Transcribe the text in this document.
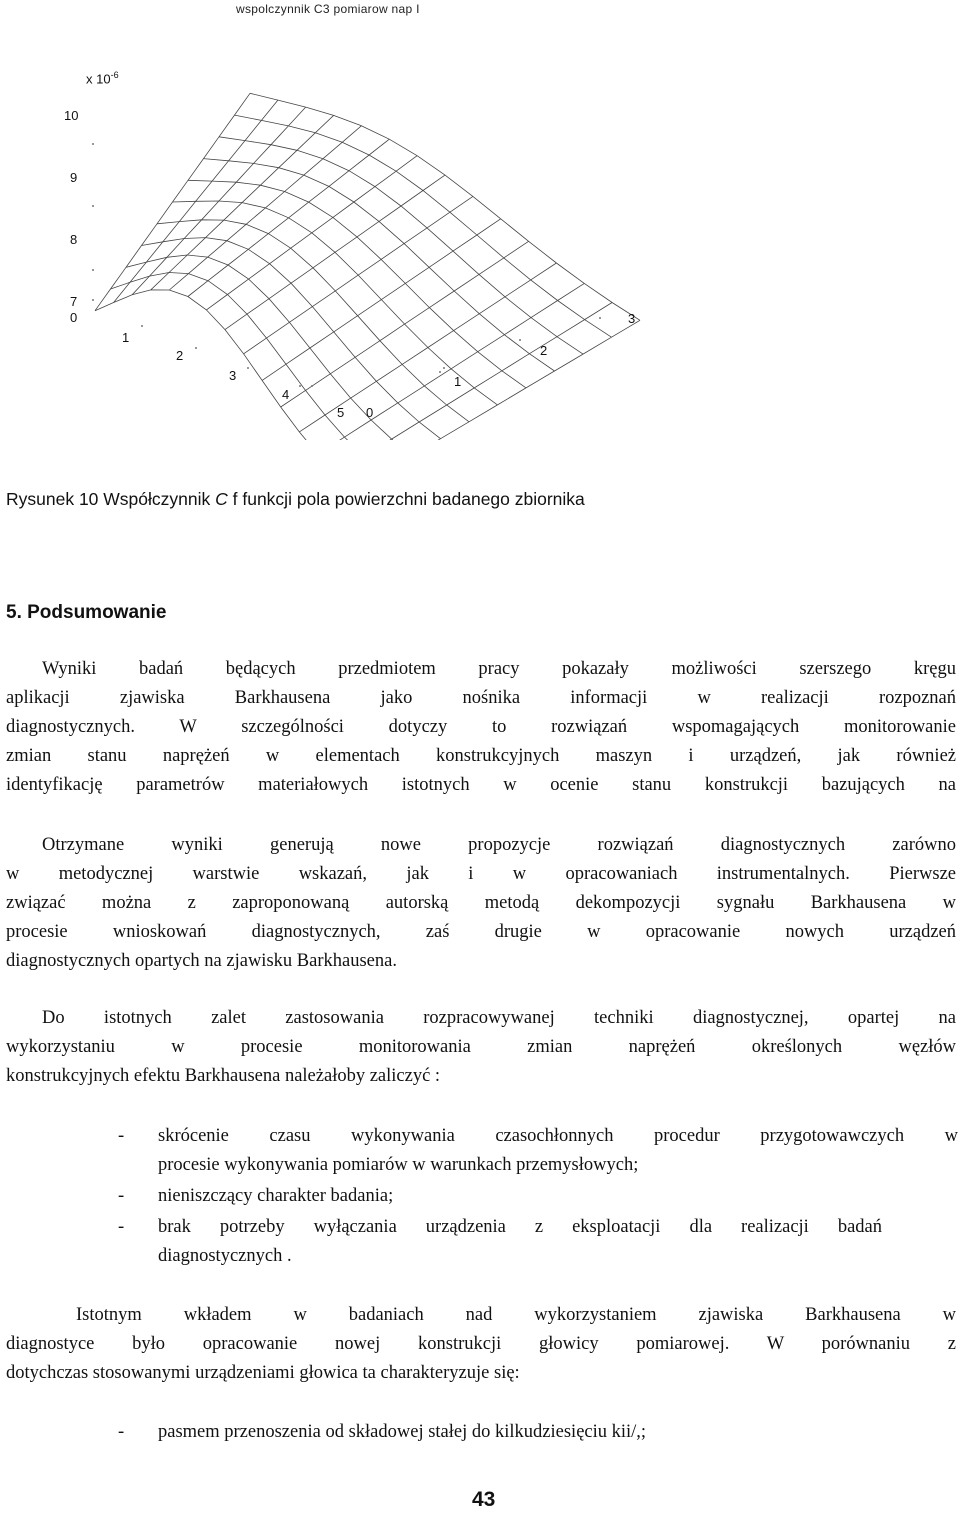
wspolczynnik C3 pomiarow nap I
x $10^{-6}$
10
9
8
7
0
1
2
3
4
5 0
1
2
3
Rysunek 10 Współczynnik C f funkcji pola powierzchni badanego zbiornika
5. Podsumowanie
Wyniki badań będących przedmiotem pracy pokazały możliwości szerszego kręgu
aplikacji zjawiska Barkhausena jako nośnika informacji w realizacji rozpoznań
diagnostycznych. W szczególności dotyczy to rozwiązań wspomagających monitorowanie
zmian stanu naprężeń w elementach konstrukcyjnych maszyn i urządzeń, jak również
identyfikację parametrów materiałowych istotnych w ocenie stanu konstrukcji bazujących na
Otrzymane wyniki generują nowe propozycje rozwiązań diagnostycznych zarówno
w metodycznej warstwie wskazań, jak i w opracowaniach instrumentalnych. Pierwsze
związać można z zaproponowaną autorską metodą dekompozycji sygnału Barkhausena w
procesie wnioskowań diagnostycznych, zaś drugie w opracowanie nowych urządzeń
diagnostycznych opartych na zjawisku Barkhausena.
Do istotnych zalet zastosowania rozpracowywanej techniki diagnostycznej, opartej na
wykorzystaniu w procesie monitorowania zmian naprężeń określonych węzłów
konstrukcyjnych efektu Barkhausena należałoby zaliczyć :
- skrócenie czasu wykonywania czasochłonnych procedur przygotowawczych w
procesie wykonywania pomiarów w warunkach przemysłowych;
- nieniszczący charakter badania;
- brak potrzeby wyłączania urządzenia z eksploatacji dla realizacji badań
diagnostycznych .
Istotnym wkładem w badaniach nad wykorzystaniem zjawiska Barkhausena w
diagnostyce było opracowanie nowej konstrukcji głowicy pomiarowej. W porównaniu z
dotychczas stosowanymi urządzeniami głowica ta charakteryzuje się:
- pasmem przenoszenia od składowej stałej do kilkudziesięciu kii/,;
43
